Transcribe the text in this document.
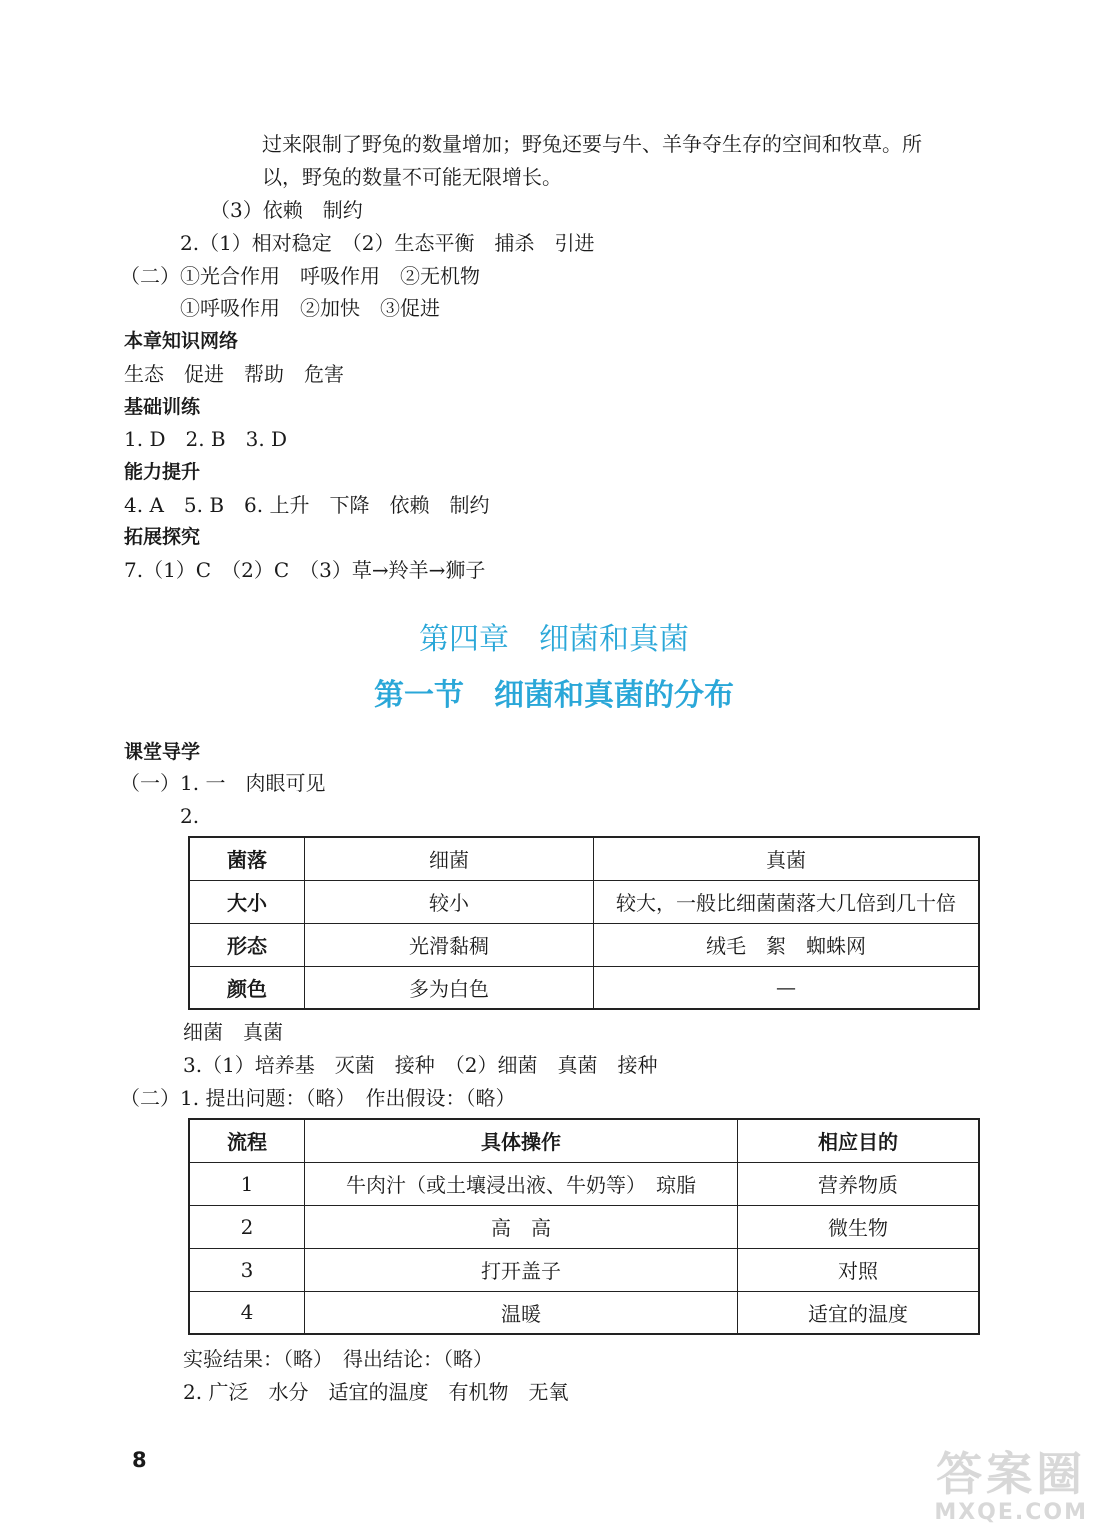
过来限制了野兔的数量增加；野兔还要与牛、羊争夺生存的空间和牧草。所
以，野兔的数量不可能无限增长。
（3）依赖　制约
2.（1）相对稳定　（2）生态平衡　捕杀　引进
（二）①光合作用　呼吸作用　②无机物
①呼吸作用　②加快　③促进
本章知识网络
生态　促进　帮助　危害
基础训练
1. D　2. B　3. D
能力提升
4. A　5. B　6. 上升　下降　依赖　制约
拓展探究
7.（1）C　（2）C　（3）草→羚羊→狮子
第四章　细菌和真菌
第一节　细菌和真菌的分布
课堂导学
（一）1. 一　肉眼可见
2.
菌落	细菌	真菌
大小	较小	较大，一般比细菌菌落大几倍到几十倍
形态	光滑黏稠	绒毛　絮　蜘蛛网
颜色	多为白色	—
细菌　真菌
3.（1）培养基　灭菌　接种　（2）细菌　真菌　接种
（二）1. 提出问题：（略）　作出假设：（略）
流程	具体操作	相应目的
1	牛肉汁（或土壤浸出液、牛奶等）　琼脂	营养物质
2	高　高	微生物
3	打开盖子	对照
4	温暖	适宜的温度
实验结果：（略）　得出结论：（略）
2. 广泛　水分　适宜的温度　有机物　无氧
8	答案圈
MXQE.COM
